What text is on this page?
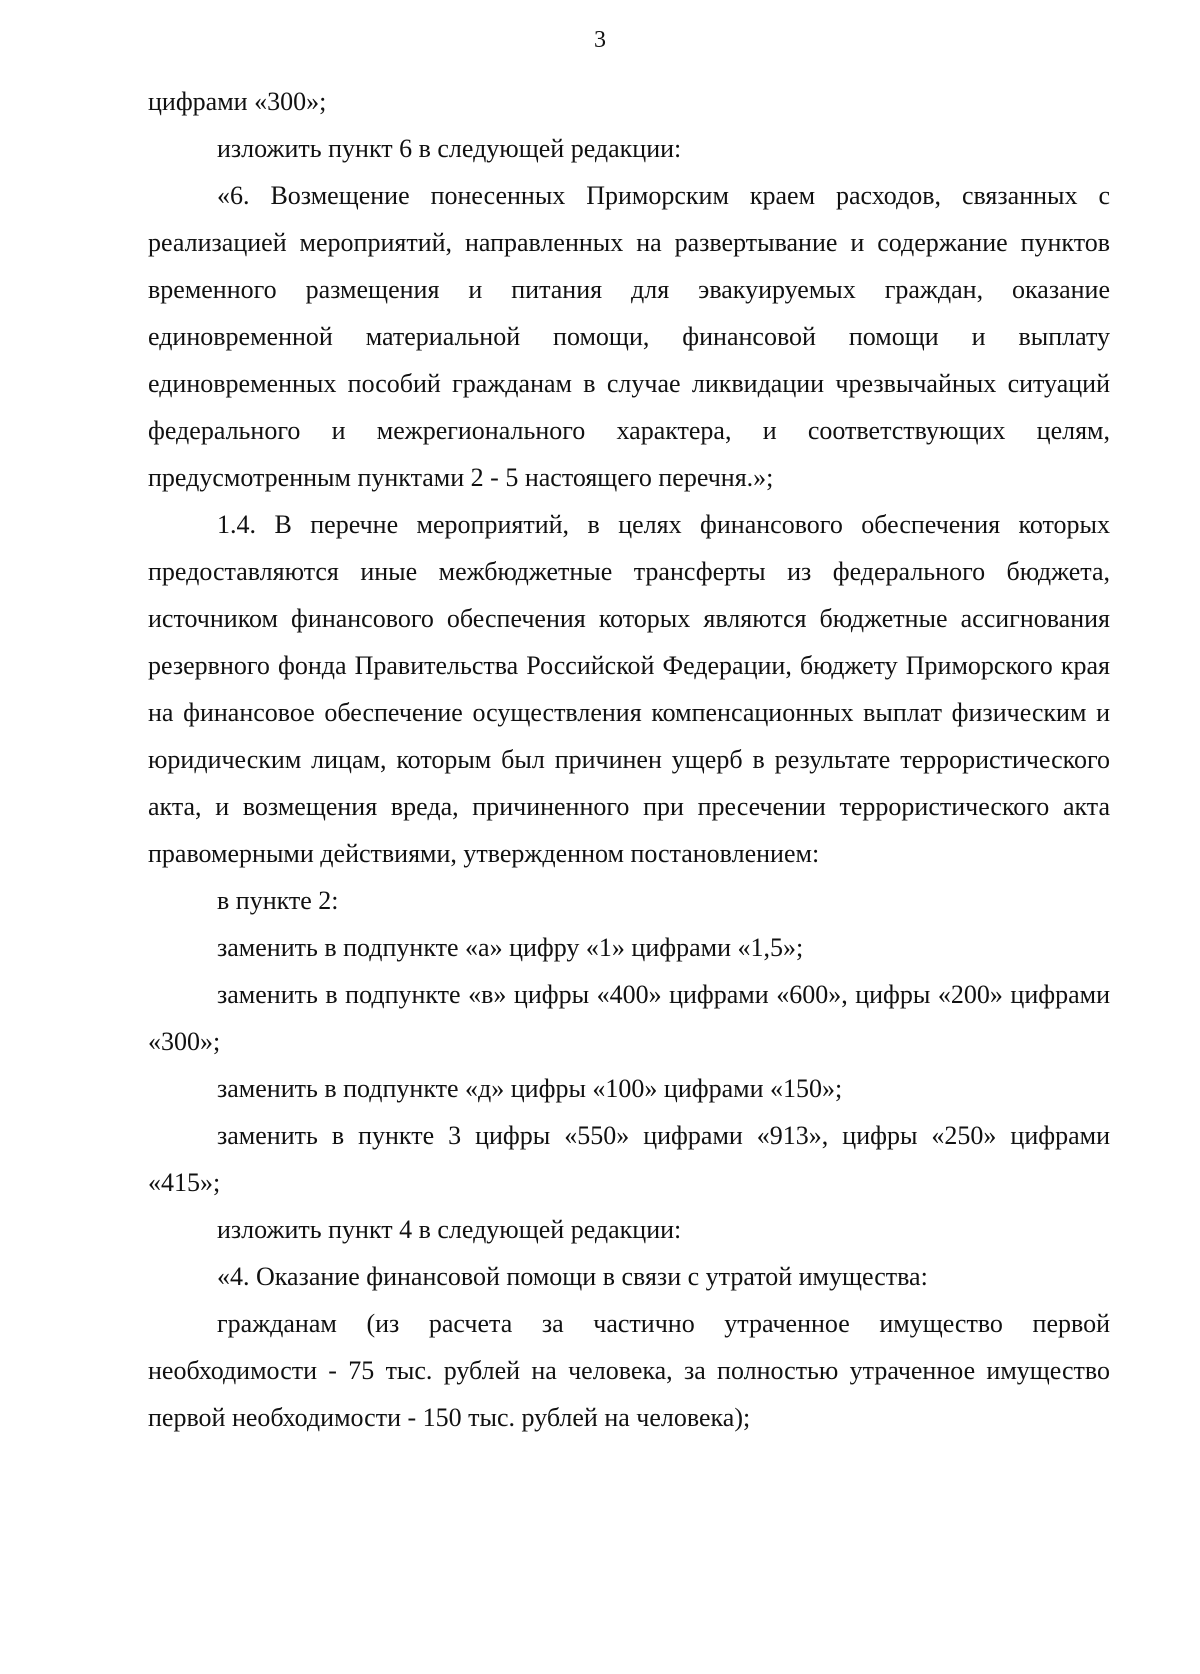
3

цифрами «300»;

изложить пункт 6 в следующей редакции:

«6. Возмещение понесенных Приморским краем расходов, связанных с реализацией мероприятий, направленных на развертывание и содержание пунктов временного размещения и питания для эвакуируемых граждан, оказание единовременной материальной помощи, финансовой помощи и выплату единовременных пособий гражданам в случае ликвидации чрезвычайных ситуаций федерального и межрегионального характера, и соответствующих целям, предусмотренным пунктами 2 - 5 настоящего перечня.»;

1.4. В перечне мероприятий, в целях финансового обеспечения которых предоставляются иные межбюджетные трансферты из федерального бюджета, источником финансового обеспечения которых являются бюджетные ассигнования резервного фонда Правительства Российской Федерации, бюджету Приморского края на финансовое обеспечение осуществления компенсационных выплат физическим и юридическим лицам, которым был причинен ущерб в результате террористического акта, и возмещения вреда, причиненного при пресечении террористического акта правомерными действиями, утвержденном постановлением:

в пункте 2:

заменить в подпункте «а» цифру «1» цифрами «1,5»;

заменить в подпункте «в» цифры «400» цифрами «600», цифры «200» цифрами «300»;

заменить в подпункте «д» цифры «100» цифрами «150»;

заменить в пункте 3 цифры «550» цифрами «913», цифры «250» цифрами «415»;

изложить пункт 4 в следующей редакции:

«4. Оказание финансовой помощи в связи с утратой имущества:

гражданам (из расчета за частично утраченное имущество первой необходимости - 75 тыс. рублей на человека, за полностью утраченное имущество первой необходимости - 150 тыс. рублей на человека);
